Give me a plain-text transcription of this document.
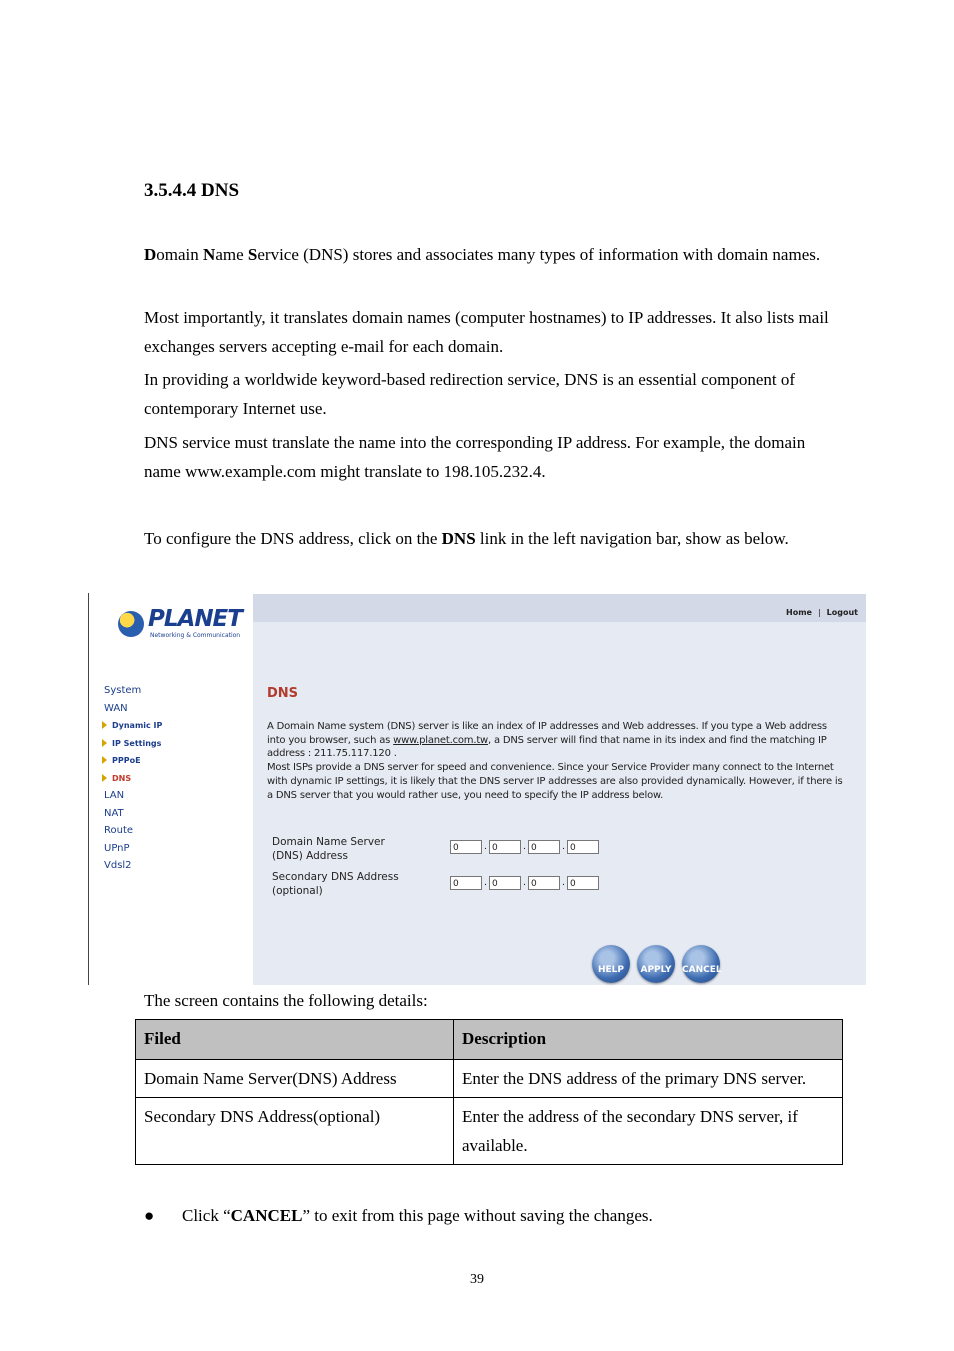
3.5.4.4 DNS
Domain Name Service (DNS) stores and associates many types of information with domain names.
Most importantly, it translates domain names (computer hostnames) to IP addresses. It also lists mail exchanges servers accepting e-mail for each domain.
In providing a worldwide keyword-based redirection service, DNS is an essential component of contemporary Internet use.
DNS service must translate the name into the corresponding IP address. For example, the domain name www.example.com might translate to 198.105.232.4.
To configure the DNS address, click on the DNS link in the left navigation bar, show as below.
PLANET
Networking & Communication
System
WAN
Dynamic IP
IP Settings
PPPoE
DNS
LAN
NAT
Route
UPnP
Vdsl2
Home | Logout
DNS
A Domain Name system (DNS) server is like an index of IP addresses and Web addresses. If you type a Web address into you browser, such as www.planet.com.tw, a DNS server will find that name in its index and find the matching IP address : 211.75.117.120 .
Most ISPs provide a DNS server for speed and convenience. Since your Service Provider many connect to the Internet with dynamic IP settings, it is likely that the DNS server IP addresses are also provided dynamically. However, if there is a DNS server that you would rather use, you need to specify the IP address below.
Domain Name Server
(DNS) Address
0	. 0	. 0	. 0
Secondary DNS Address
(optional)
0	. 0	. 0	. 0
HELP	APPLY	CANCEL
The screen contains the following details:
Filed	Description
Domain Name Server(DNS) Address	Enter the DNS address of the primary DNS server.
Secondary DNS Address(optional)	Enter the address of the secondary DNS server, if available.
● Click “CANCEL” to exit from this page without saving the changes.
39
